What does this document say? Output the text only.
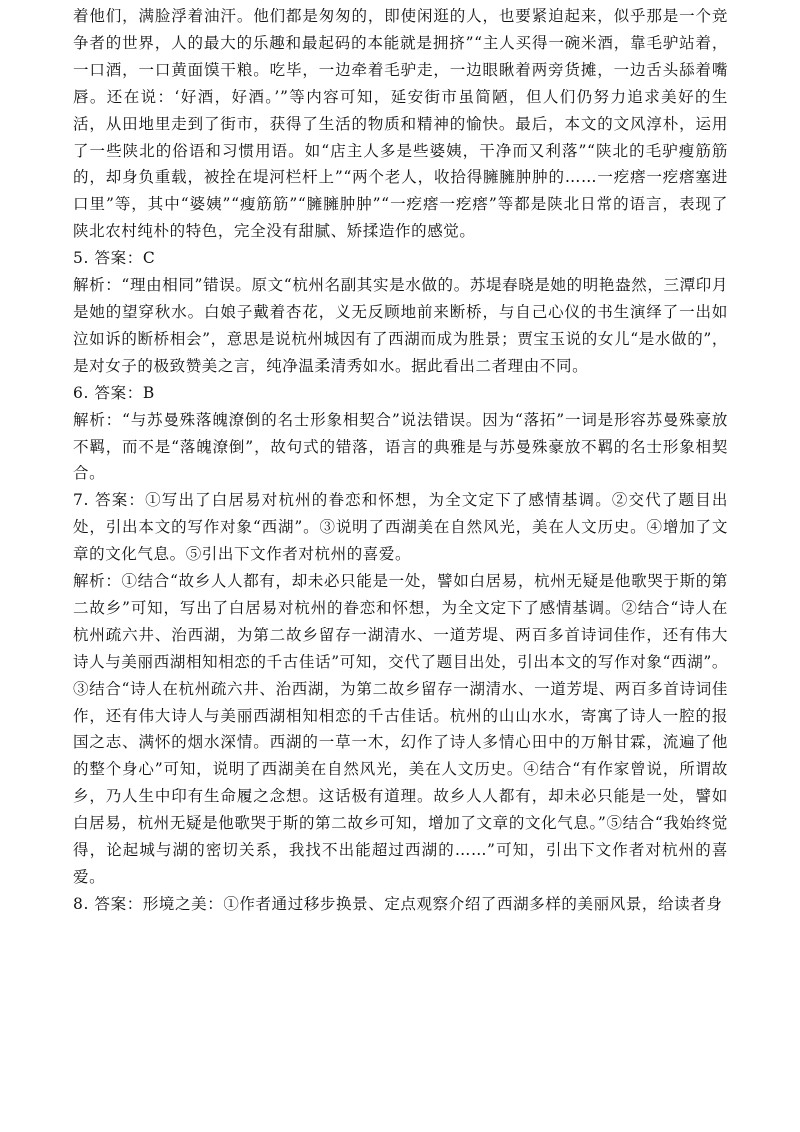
着他们，满脸浮着油汗。他们都是匆匆的，即使闲逛的人，也要紧迫起来，似乎那是一个竞争者的世界，人的最大的乐趣和最起码的本能就是拥挤”“主人买得一碗米酒，靠毛驴站着，一口酒，一口黄面馍干粮。吃毕，一边牵着毛驴走，一边眼瞅着两旁货摊，一边舌头舔着嘴唇。还在说：‘好酒，好酒。’”等内容可知，延安街市虽简陋，但人们仍努力追求美好的生活，从田地里走到了街市，获得了生活的物质和精神的愉快。最后，本文的文风淳朴，运用了一些陕北的俗语和习惯用语。如“店主人多是些婆姨，干净而又利落”“陕北的毛驴瘦筋筋的，却身负重载，被拴在堤河栏杆上”“两个老人，收拾得臃臃肿肿的……一疙瘩一疙瘩塞进口里”等，其中“婆姨”“瘦筋筋”“臃臃肿肿”“一疙瘩一疙瘩”等都是陕北日常的语言，表现了陕北农村纯朴的特色，完全没有甜腻、矫揉造作的感觉。

5. 答案：C

解析：“理由相同”错误。原文“杭州名副其实是水做的。苏堤春晓是她的明艳盎然，三潭印月是她的望穿秋水。白娘子戴着杏花，义无反顾地前来断桥，与自己心仪的书生演绎了一出如泣如诉的断桥相会”，意思是说杭州城因有了西湖而成为胜景；贾宝玉说的女儿“是水做的”，是对女子的极致赞美之言，纯净温柔清秀如水。据此看出二者理由不同。

6. 答案：B

解析：“与苏曼殊落魄潦倒的名士形象相契合”说法错误。因为“落拓”一词是形容苏曼殊豪放不羁，而不是“落魄潦倒”，故句式的错落，语言的典雅是与苏曼殊豪放不羁的名士形象相契合。

7. 答案：①写出了白居易对杭州的眷恋和怀想，为全文定下了感情基调。②交代了题目出处，引出本文的写作对象“西湖”。③说明了西湖美在自然风光，美在人文历史。④增加了文章的文化气息。⑤引出下文作者对杭州的喜爱。

解析：①结合“故乡人人都有，却未必只能是一处，譬如白居易，杭州无疑是他歌哭于斯的第二故乡”可知，写出了白居易对杭州的眷恋和怀想，为全文定下了感情基调。②结合“诗人在杭州疏六井、治西湖，为第二故乡留存一湖清水、一道芳堤、两百多首诗词佳作，还有伟大诗人与美丽西湖相知相恋的千古佳话”可知，交代了题目出处，引出本文的写作对象“西湖”。③结合“诗人在杭州疏六井、治西湖，为第二故乡留存一湖清水、一道芳堤、两百多首诗词佳作，还有伟大诗人与美丽西湖相知相恋的千古佳话。杭州的山山水水，寄寓了诗人一腔的报国之志、满怀的烟水深情。西湖的一草一木，幻作了诗人多情心田中的万斛甘霖，流遍了他的整个身心”可知，说明了西湖美在自然风光，美在人文历史。④结合“有作家曾说，所谓故乡，乃人生中印有生命履之念想。这话极有道理。故乡人人都有，却未必只能是一处，譬如白居易，杭州无疑是他歌哭于斯的第二故乡可知，增加了文章的文化气息。”⑤结合“我始终觉得，论起城与湖的密切关系，我找不出能超过西湖的……”可知，引出下文作者对杭州的喜爱。

8. 答案：形境之美：①作者通过移步换景、定点观察介绍了西湖多样的美丽风景，给读者身
